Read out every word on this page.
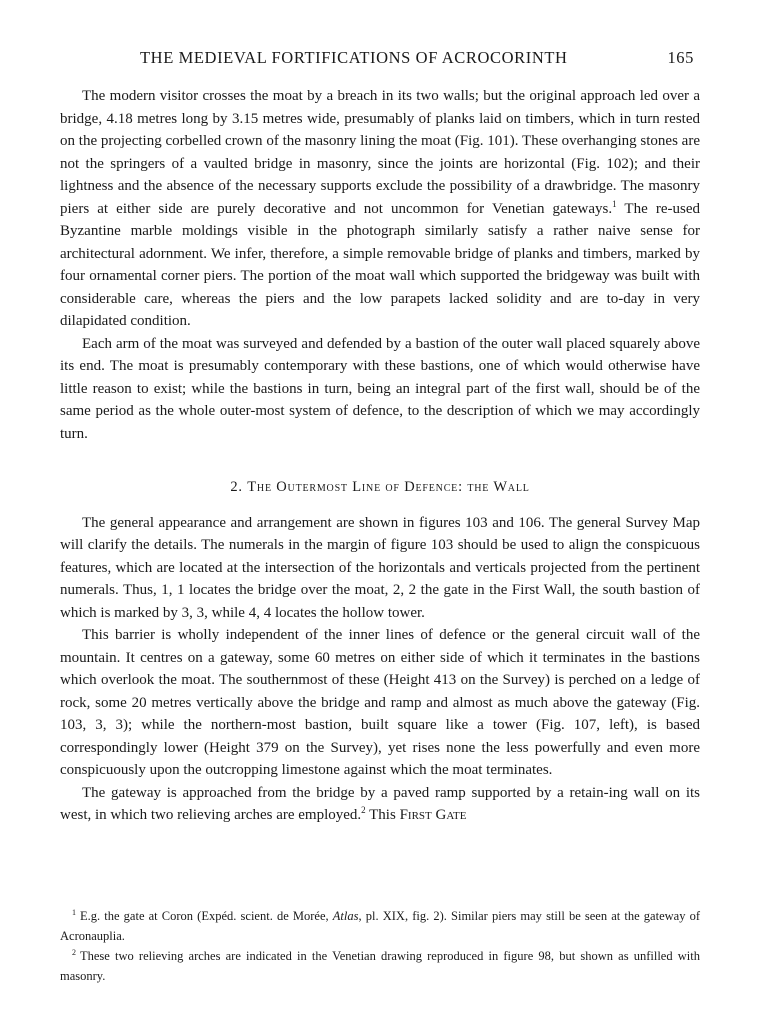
THE MEDIEVAL FORTIFICATIONS OF ACROCORINTH	165

The modern visitor crosses the moat by a breach in its two walls; but the original approach led over a bridge, 4.18 metres long by 3.15 metres wide, presumably of planks laid on timbers, which in turn rested on the projecting corbelled crown of the masonry lining the moat (Fig. 101). These overhanging stones are not the springers of a vaulted bridge in masonry, since the joints are horizontal (Fig. 102); and their lightness and the absence of the necessary supports exclude the possibility of a drawbridge. The masonry piers at either side are purely decorative and not uncommon for Venetian gateways.$^1$ The re-used Byzantine marble moldings visible in the photograph similarly satisfy a rather naive sense for architectural adornment. We infer, therefore, a simple removable bridge of planks and timbers, marked by four ornamental corner piers. The portion of the moat wall which supported the bridgeway was built with considerable care, whereas the piers and the low parapets lacked solidity and are to-day in very dilapidated condition.

Each arm of the moat was surveyed and defended by a bastion of the outer wall placed squarely above its end. The moat is presumably contemporary with these bastions, one of which would otherwise have little reason to exist; while the bastions in turn, being an integral part of the first wall, should be of the same period as the whole outer-most system of defence, to the description of which we may accordingly turn.

2. The Outermost Line of Defence: the Wall

The general appearance and arrangement are shown in figures 103 and 106. The general Survey Map will clarify the details. The numerals in the margin of figure 103 should be used to align the conspicuous features, which are located at the intersection of the horizontals and verticals projected from the pertinent numerals. Thus, 1, 1 locates the bridge over the moat, 2, 2 the gate in the First Wall, the south bastion of which is marked by 3, 3, while 4, 4 locates the hollow tower.

This barrier is wholly independent of the inner lines of defence or the general circuit wall of the mountain. It centres on a gateway, some 60 metres on either side of which it terminates in the bastions which overlook the moat. The southernmost of these (Height 413 on the Survey) is perched on a ledge of rock, some 20 metres vertically above the bridge and ramp and almost as much above the gateway (Fig. 103, 3, 3); while the northern-most bastion, built square like a tower (Fig. 107, left), is based correspondingly lower (Height 379 on the Survey), yet rises none the less powerfully and even more conspicuously upon the outcropping limestone against which the moat terminates.

The gateway is approached from the bridge by a paved ramp supported by a retain-ing wall on its west, in which two relieving arches are employed.$^2$ This First Gate

$^1$ E.g. the gate at Coron (Expéd. scient. de Morée, Atlas, pl. XIX, fig. 2). Similar piers may still be seen at the gateway of Acronauplia.

$^2$ These two relieving arches are indicated in the Venetian drawing reproduced in figure 98, but shown as unfilled with masonry.
